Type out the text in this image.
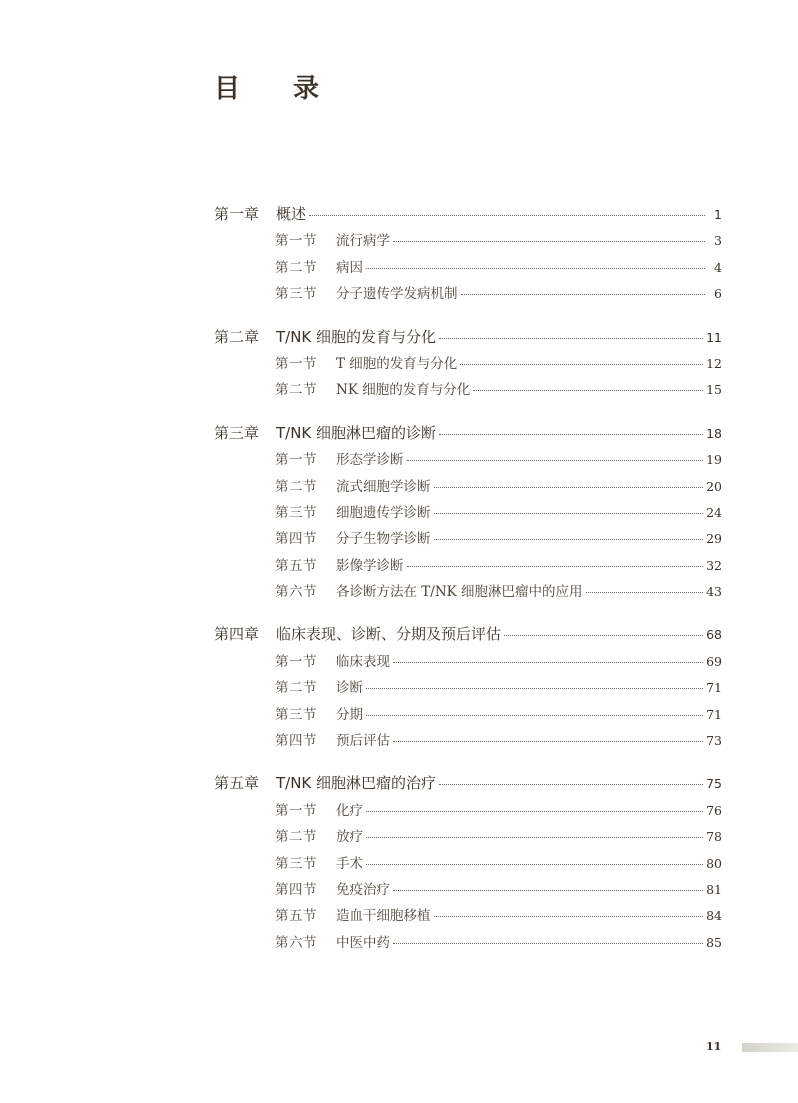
目 录
第一章	概述	1
第一节	流行病学	3
第二节	病因	4
第三节	分子遗传学发病机制	6
第二章	T/NK 细胞的发育与分化	11
第一节	T 细胞的发育与分化	12
第二节	NK 细胞的发育与分化	15
第三章	T/NK 细胞淋巴瘤的诊断	18
第一节	形态学诊断	19
第二节	流式细胞学诊断	20
第三节	细胞遗传学诊断	24
第四节	分子生物学诊断	29
第五节	影像学诊断	32
第六节	各诊断方法在 T/NK 细胞淋巴瘤中的应用	43
第四章	临床表现、诊断、分期及预后评估	68
第一节	临床表现	69
第二节	诊断	71
第三节	分期	71
第四节	预后评估	73
第五章	T/NK 细胞淋巴瘤的治疗	75
第一节	化疗	76
第二节	放疗	78
第三节	手术	80
第四节	免疫治疗	81
第五节	造血干细胞移植	84
第六节	中医中药	85
11
